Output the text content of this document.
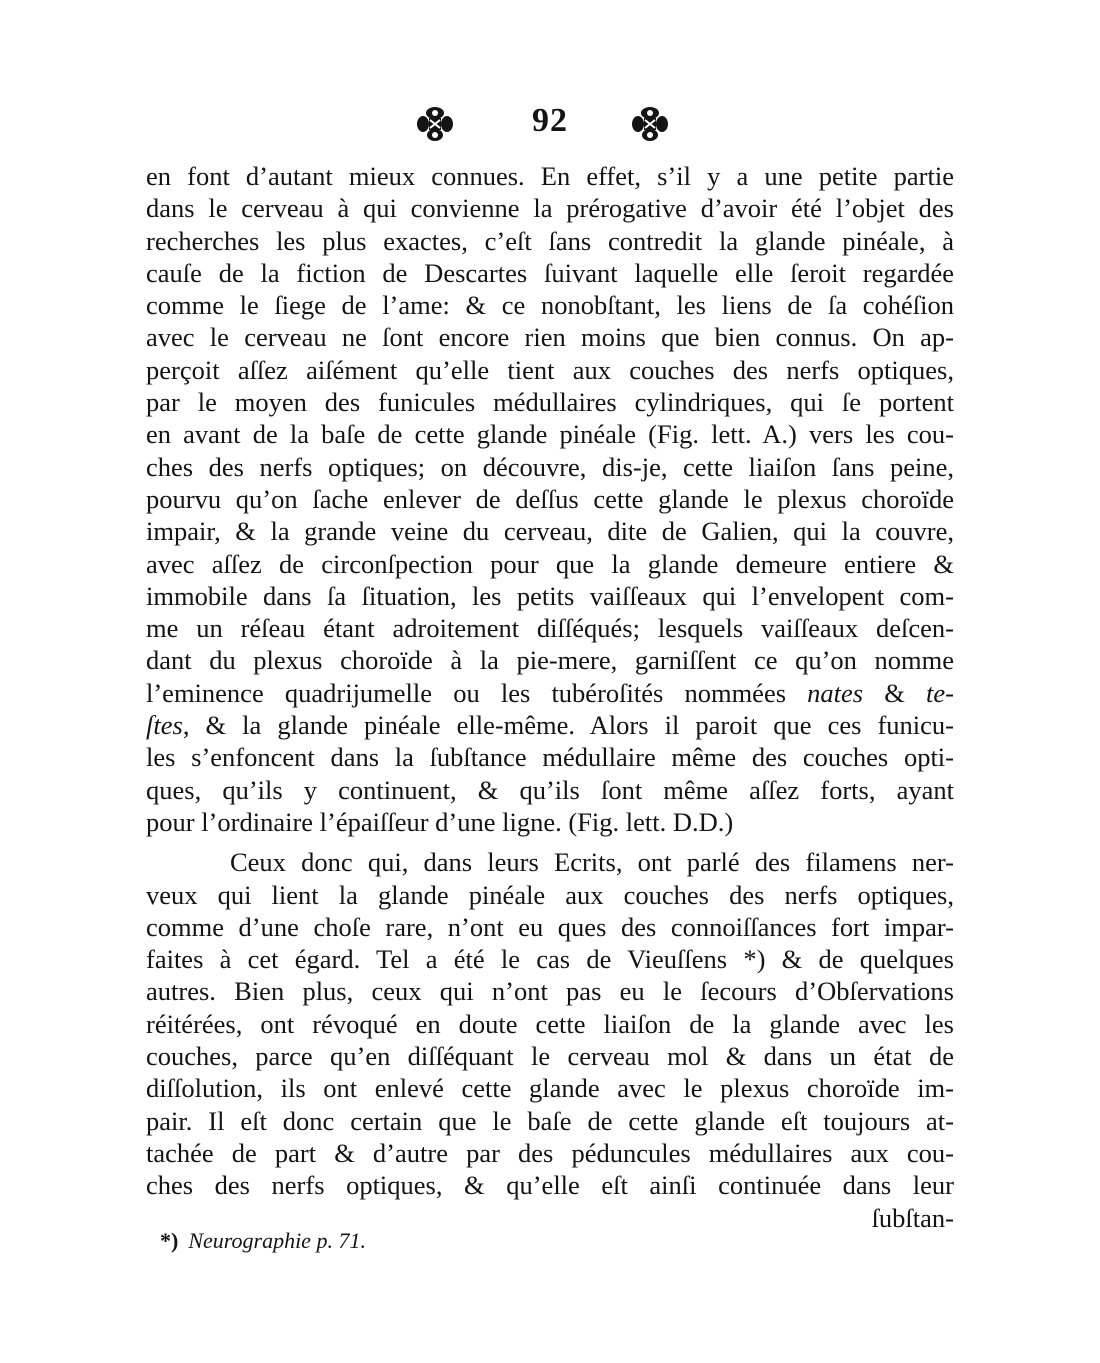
92
en font d’autant mieux connues. En effet, s’il y a une petite partie
dans le cerveau à qui convienne la prérogative d’avoir été l’objet des
recherches les plus exactes, c’eſt ſans contredit la glande pinéale, à
cauſe de la fiction de Descartes ſuivant laquelle elle ſeroit regardée
comme le ſiege de l’ame: & ce nonobſtant, les liens de ſa cohéſion
avec le cerveau ne ſont encore rien moins que bien connus. On ap-
perçoit aſſez aiſément qu’elle tient aux couches des nerfs optiques,
par le moyen des funicules médullaires cylindriques, qui ſe portent
en avant de la baſe de cette glande pinéale (Fig. lett. A.) vers les cou-
ches des nerfs optiques; on découvre, dis-je, cette liaiſon ſans peine,
pourvu qu’on ſache enlever de deſſus cette glande le plexus choroïde
impair, & la grande veine du cerveau, dite de Galien, qui la couvre,
avec aſſez de circonſpection pour que la glande demeure entiere &
immobile dans ſa ſituation, les petits vaiſſeaux qui l’envelopent com-
me un réſeau étant adroitement diſſéqués; lesquels vaiſſeaux deſcen-
dant du plexus choroïde à la pie-mere, garniſſent ce qu’on nomme
l’eminence quadrijumelle ou les tubéroſités nommées nates & te-
ſtes, & la glande pinéale elle-même. Alors il paroit que ces funicu-
les s’enfoncent dans la ſubſtance médullaire même des couches opti-
ques, qu’ils y continuent, & qu’ils ſont même aſſez forts, ayant
pour l’ordinaire l’épaiſſeur d’une ligne. (Fig. lett. D.D.)
Ceux donc qui, dans leurs Ecrits, ont parlé des filamens ner-
veux qui lient la glande pinéale aux couches des nerfs optiques,
comme d’une choſe rare, n’ont eu ques des connoiſſances fort impar-
faites à cet égard. Tel a été le cas de Vieuſſens *) & de quelques
autres. Bien plus, ceux qui n’ont pas eu le ſecours d’Obſervations
réitérées, ont révoqué en doute cette liaiſon de la glande avec les
couches, parce qu’en diſſéquant le cerveau mol & dans un état de
diſſolution, ils ont enlevé cette glande avec le plexus choroïde im-
pair. Il eſt donc certain que le baſe de cette glande eſt toujours at-
tachée de part & d’autre par des péduncules médullaires aux cou-
ches des nerfs optiques, & qu’elle eſt ainſi continuée dans leur
ſubſtan-
*) Neurographie p. 71.
